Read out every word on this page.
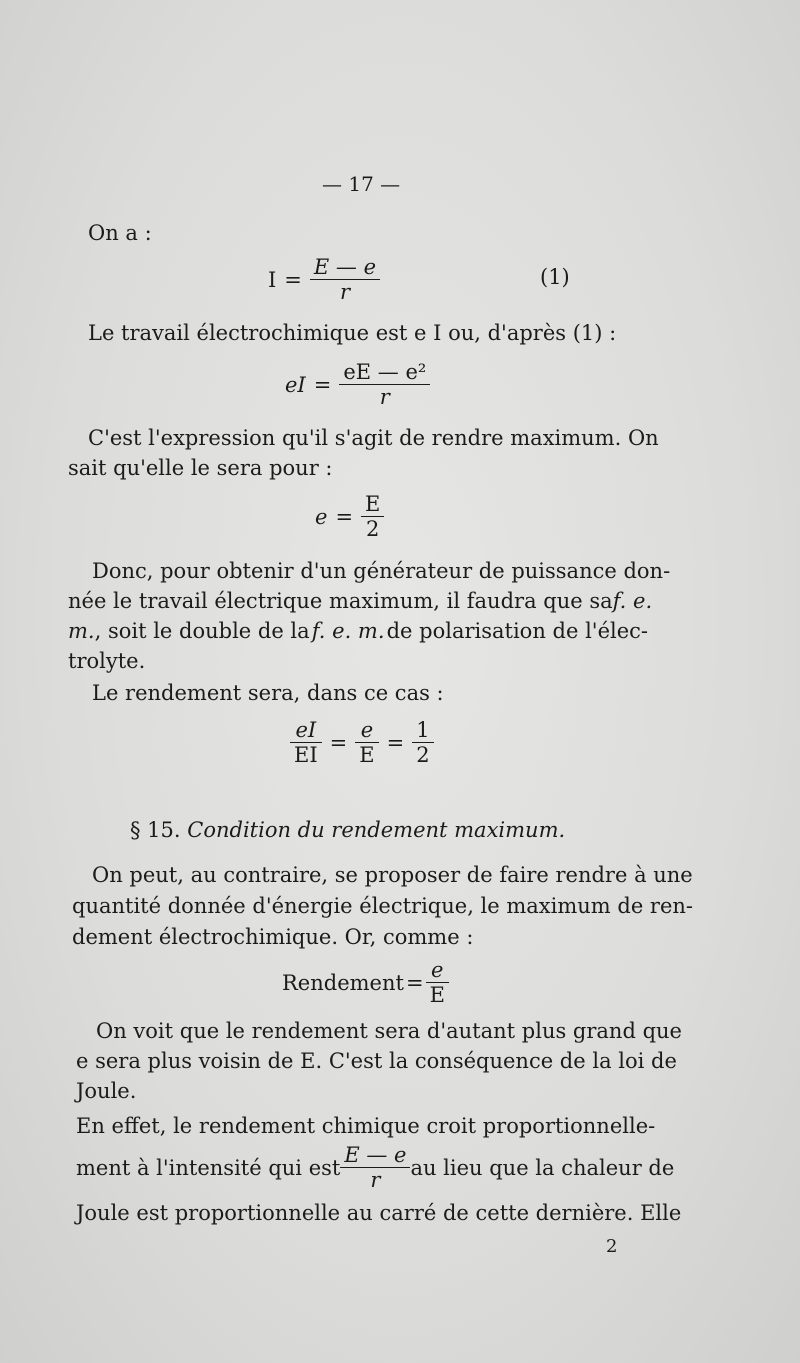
— 17 —
On a :
$I = \frac{E — e}{r}$	(1)
Le travail électrochimique est e I ou, d'après (1) :
eI = $\frac{\text{eE — e²}}{r}$
C'est l'expression qu'il s'agit de rendre maximum. On
sait qu'elle le sera pour :
$e = \frac{E}{2}$
Donc, pour obtenir d'un générateur de puissance don-
née le travail électrique maximum, il faudra que sa f. e.
m., soit le double de la f. e. m. de polarisation de l'élec-
trolyte.
Le rendement sera, dans ce cas :
$\frac{eI}{EI} = \frac{e}{E} = \frac{1}{2}$
§ 15. Condition du rendement maximum.
On peut, au contraire, se proposer de faire rendre à une
quantité donnée d'énergie électrique, le maximum de ren-
dement électrochimique. Or, comme :
Rendement = $\frac{e}{E}$
On voit que le rendement sera d'autant plus grand que
e sera plus voisin de E. C'est la conséquence de la loi de
Joule.
En effet, le rendement chimique croit proportionnelle-
ment à l'intensité qui est $\frac{E — e}{r}$ au lieu que la chaleur de
Joule est proportionnelle au carré de cette dernière. Elle
2
